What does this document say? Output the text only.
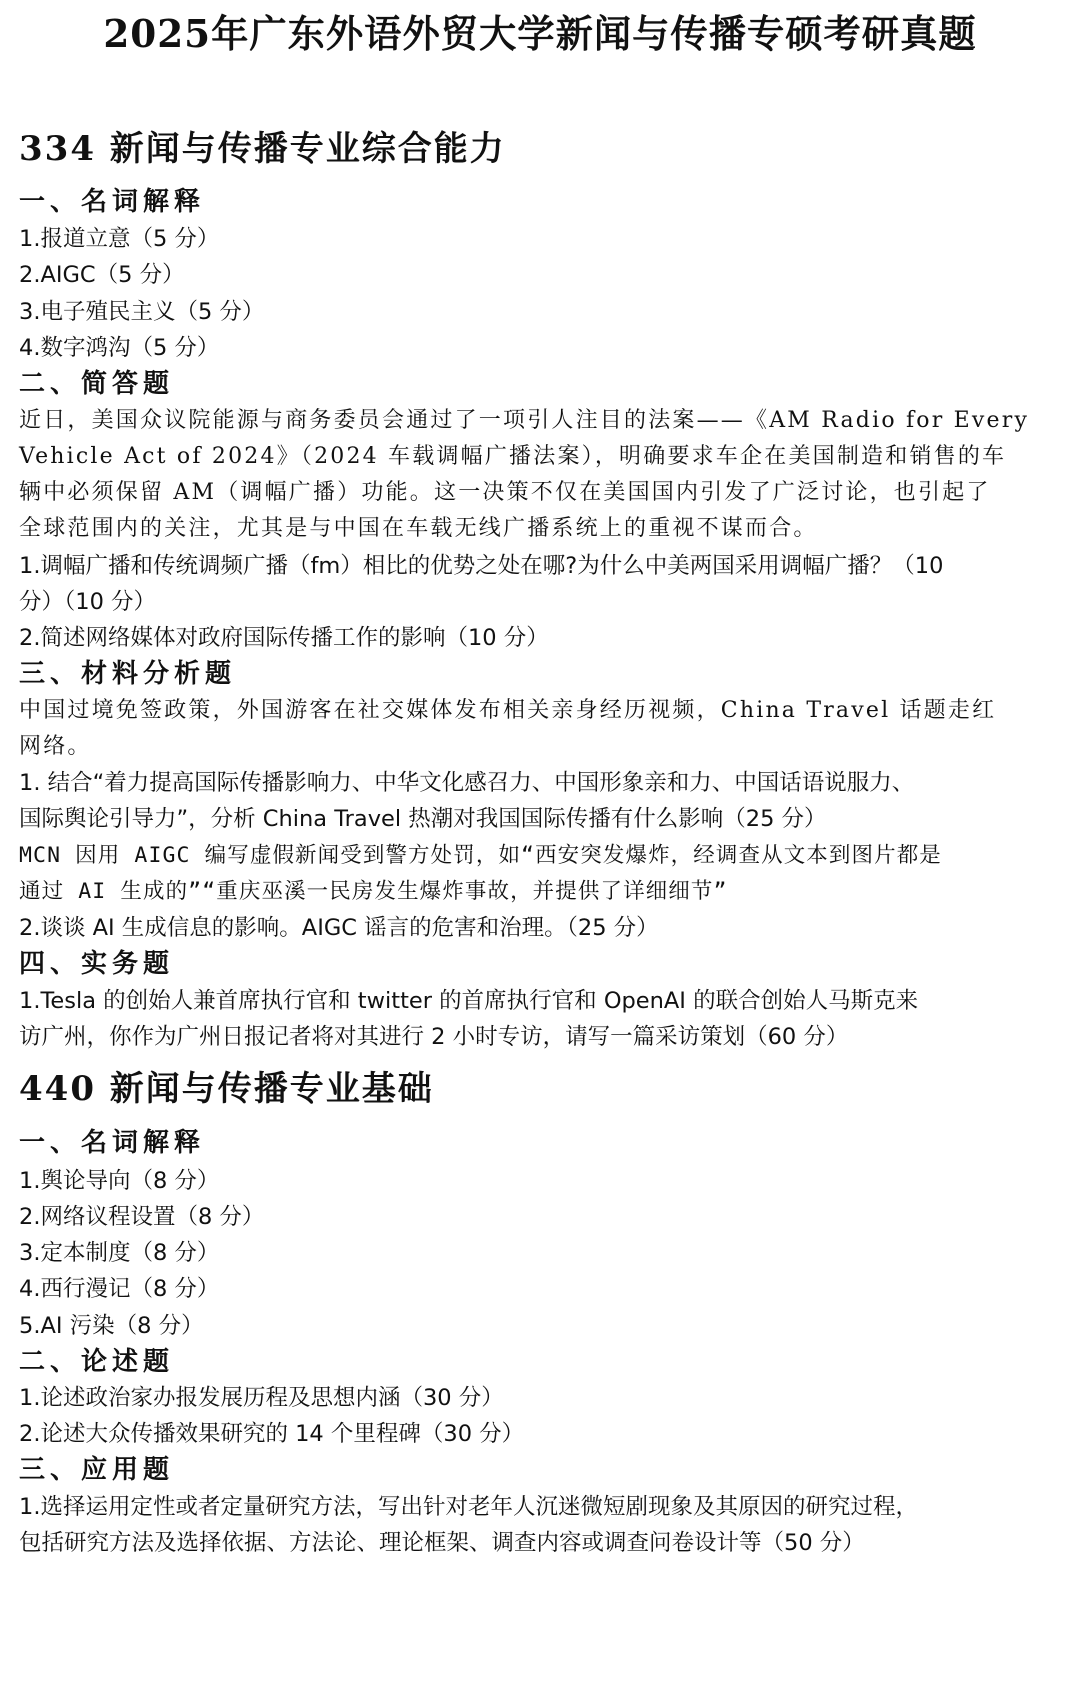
2025年广东外语外贸大学新闻与传播专硕考研真题
334 新闻与传播专业综合能力
一、名词解释
1.报道立意（5 分）
2.AIGC（5 分）
3.电子殖民主义（5 分）
4.数字鸿沟（5 分）
二、简答题
近日，美国众议院能源与商务委员会通过了一项引人注目的法案——《AM Radio for Every
Vehicle Act of 2024》（2024 车载调幅广播法案），明确要求车企在美国制造和销售的车
辆中必须保留 AM（调幅广播）功能。这一决策不仅在美国国内引发了广泛讨论，也引起了
全球范围内的关注，尤其是与中国在车载无线广播系统上的重视不谋而合。
1.调幅广播和传统调频广播（fm）相比的优势之处在哪?为什么中美两国采用调幅广播？（10
分）（10 分）
2.简述网络媒体对政府国际传播工作的影响（10 分）
三、材料分析题
中国过境免签政策，外国游客在社交媒体发布相关亲身经历视频，China Travel 话题走红
网络。
1. 结合“着力提高国际传播影响力、中华文化感召力、中国形象亲和力、中国话语说服力、
国际舆论引导力”，分析 China Travel 热潮对我国国际传播有什么影响（25 分）
MCN 因用 AIGC 编写虚假新闻受到警方处罚，如“西安突发爆炸，经调查从文本到图片都是
通过 AI 生成的”“重庆巫溪一民房发生爆炸事故，并提供了详细细节”
2.谈谈 AI 生成信息的影响。AIGC 谣言的危害和治理。（25 分）
四、实务题
1.Tesla 的创始人兼首席执行官和 twitter 的首席执行官和 OpenAI 的联合创始人马斯克来
访广州，你作为广州日报记者将对其进行 2 小时专访，请写一篇采访策划（60 分）
440 新闻与传播专业基础
一、名词解释
1.舆论导向（8 分）
2.网络议程设置（8 分）
3.定本制度（8 分）
4.西行漫记（8 分）
5.AI 污染（8 分）
二、论述题
1.论述政治家办报发展历程及思想内涵（30 分）
2.论述大众传播效果研究的 14 个里程碑（30 分）
三、应用题
1.选择运用定性或者定量研究方法，写出针对老年人沉迷微短剧现象及其原因的研究过程，
包括研究方法及选择依据、方法论、理论框架、调查内容或调查问卷设计等（50 分）
